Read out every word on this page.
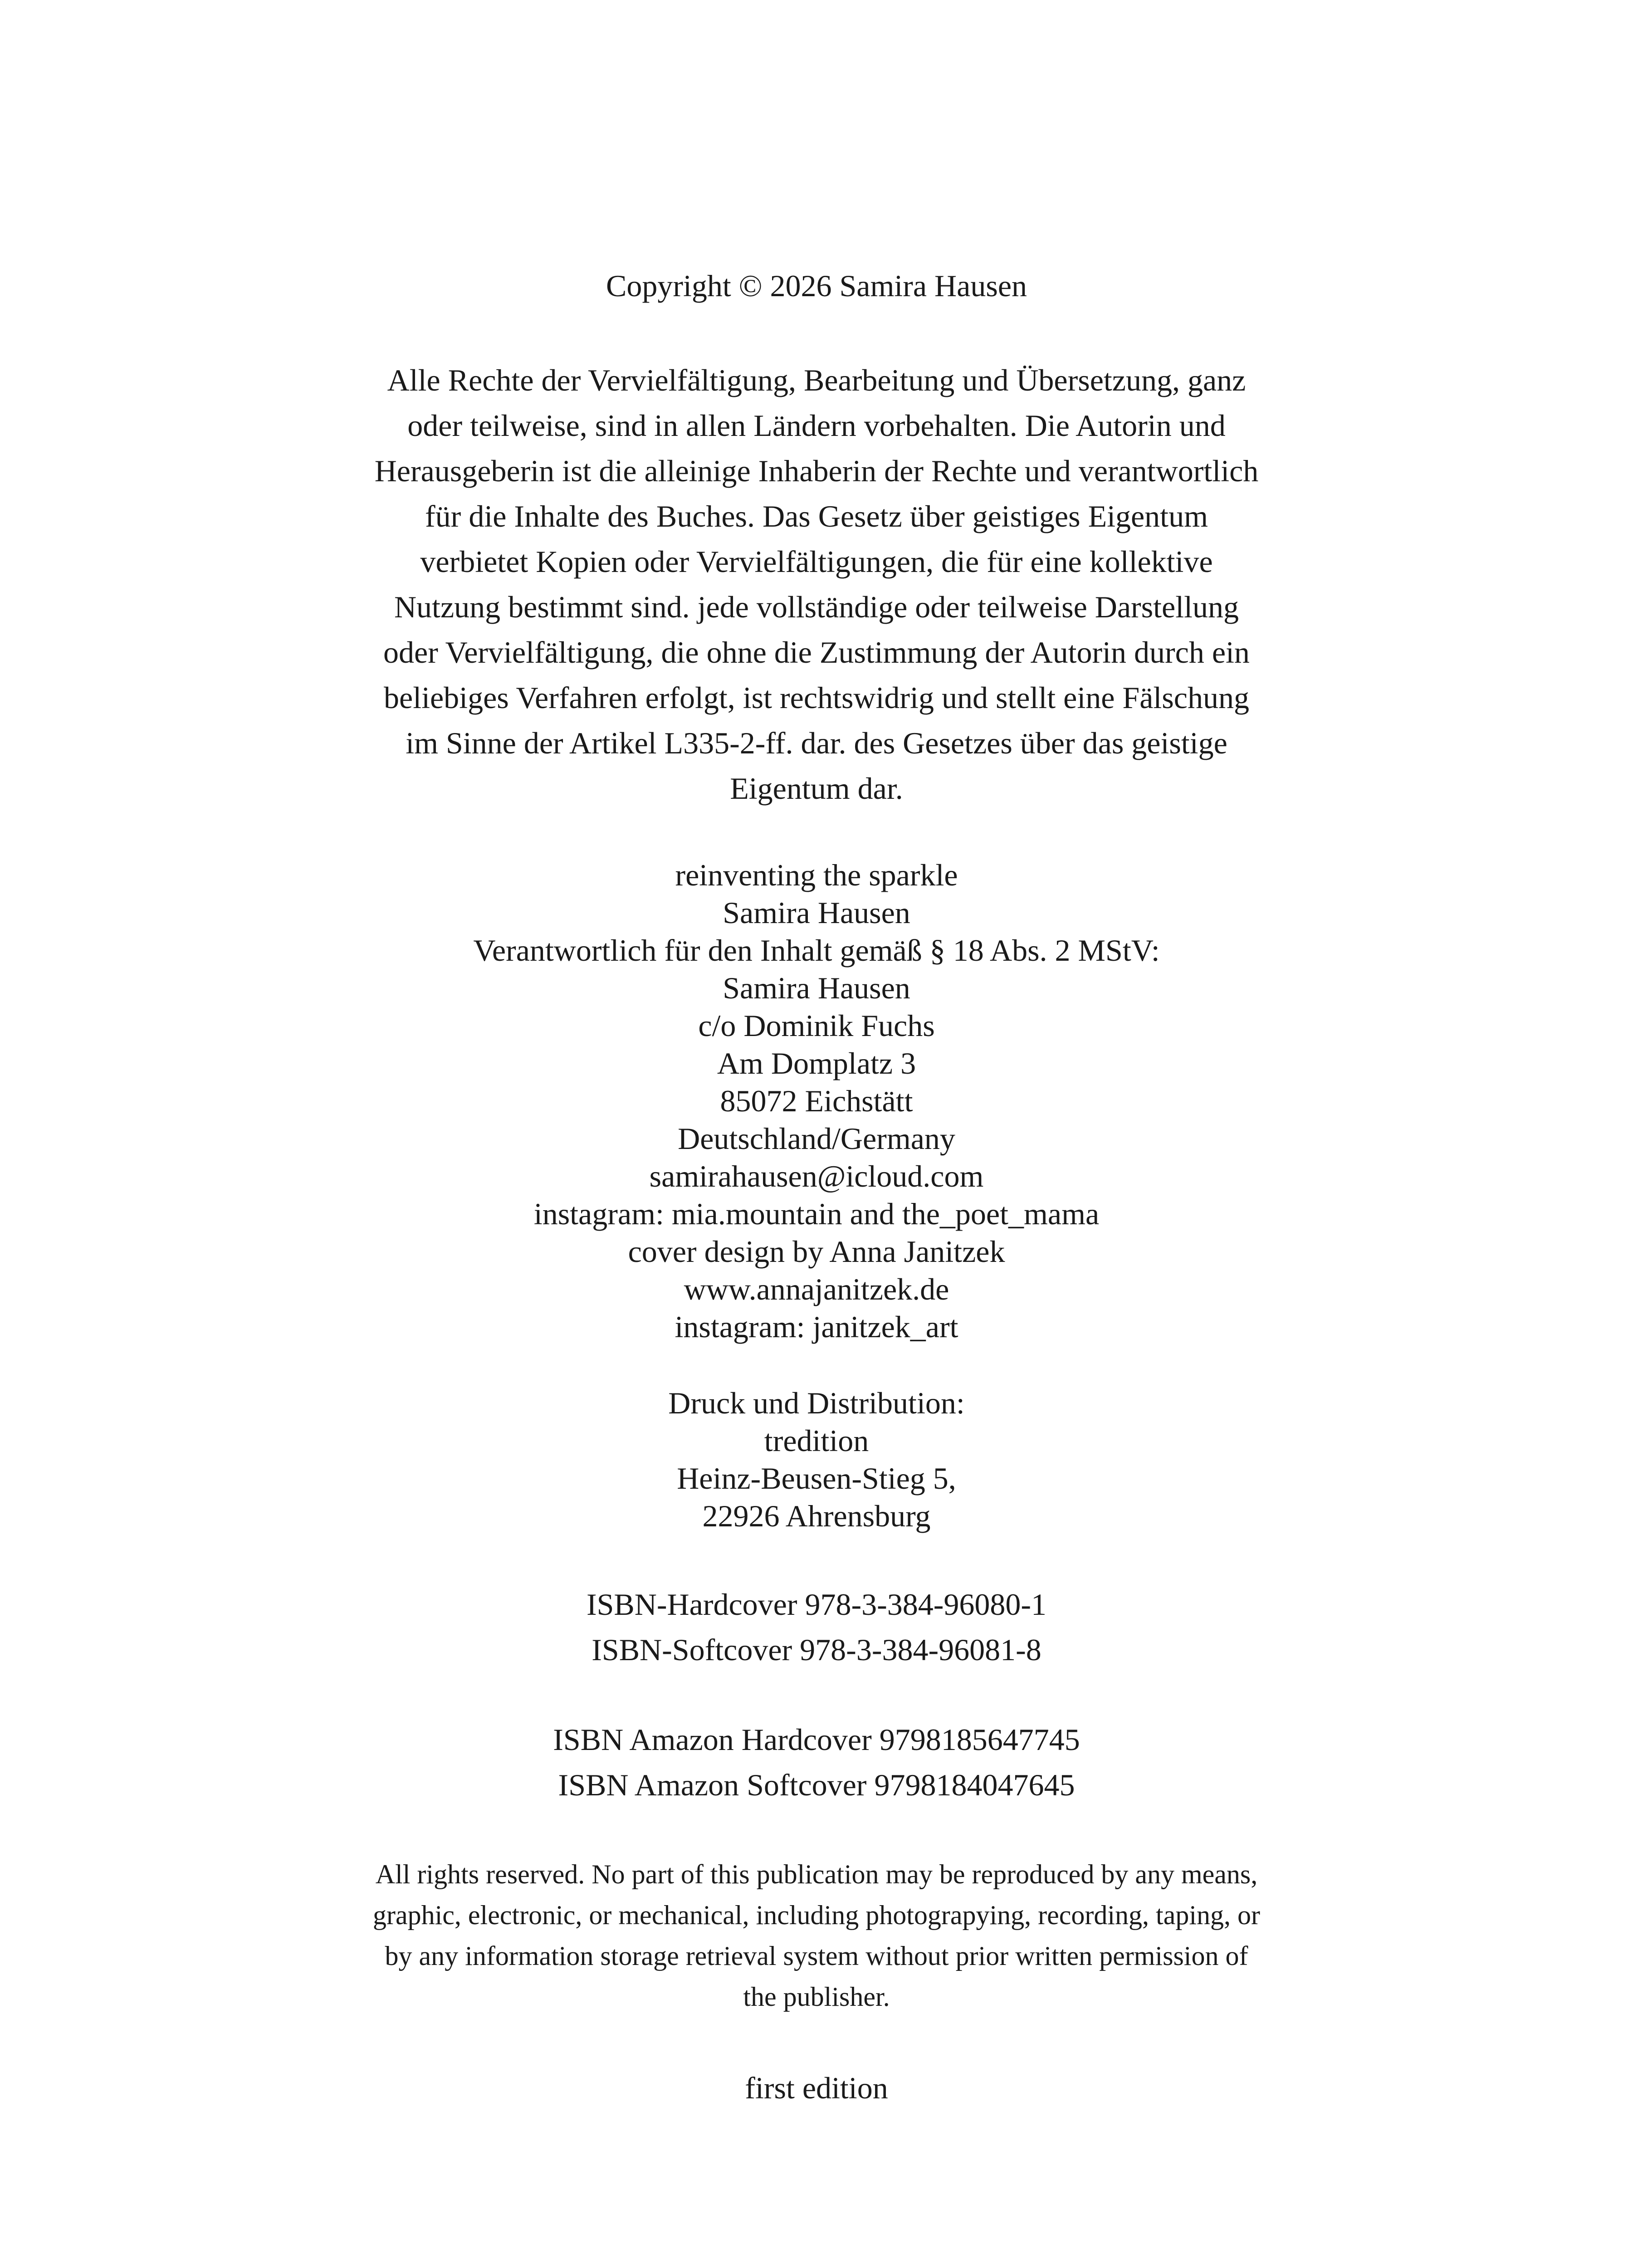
Copyright © 2026 Samira Hausen
Alle Rechte der Vervielfältigung, Bearbeitung und Übersetzung, ganz
oder teilweise, sind in allen Ländern vorbehalten. Die Autorin und
Herausgeberin ist die alleinige Inhaberin der Rechte und verantwortlich
für die Inhalte des Buches. Das Gesetz über geistiges Eigentum
verbietet Kopien oder Vervielfältigungen, die für eine kollektive
Nutzung bestimmt sind. jede vollständige oder teilweise Darstellung
oder Vervielfältigung, die ohne die Zustimmung der Autorin durch ein
beliebiges Verfahren erfolgt, ist rechtswidrig und stellt eine Fälschung
im Sinne der Artikel L335-2-ff. dar. des Gesetzes über das geistige
Eigentum dar.
reinventing the sparkle
Samira Hausen
Verantwortlich für den Inhalt gemäß § 18 Abs. 2 MStV:
Samira Hausen
c/o Dominik Fuchs
Am Domplatz 3
85072 Eichstätt
Deutschland/Germany
samirahausen@icloud.com
instagram: mia.mountain and the_poet_mama
cover design by Anna Janitzek
www.annajanitzek.de
instagram: janitzek_art
Druck und Distribution:
tredition
Heinz-Beusen-Stieg 5,
22926 Ahrensburg
ISBN-Hardcover 978-3-384-96080-1
ISBN-Softcover 978-3-384-96081-8
ISBN Amazon Hardcover 9798185647745
ISBN Amazon Softcover 9798184047645
All rights reserved. No part of this publication may be reproduced by any means,
graphic, electronic, or mechanical, including photograpying, recording, taping, or
by any information storage retrieval system without prior written permission of
the publisher.
first edition
